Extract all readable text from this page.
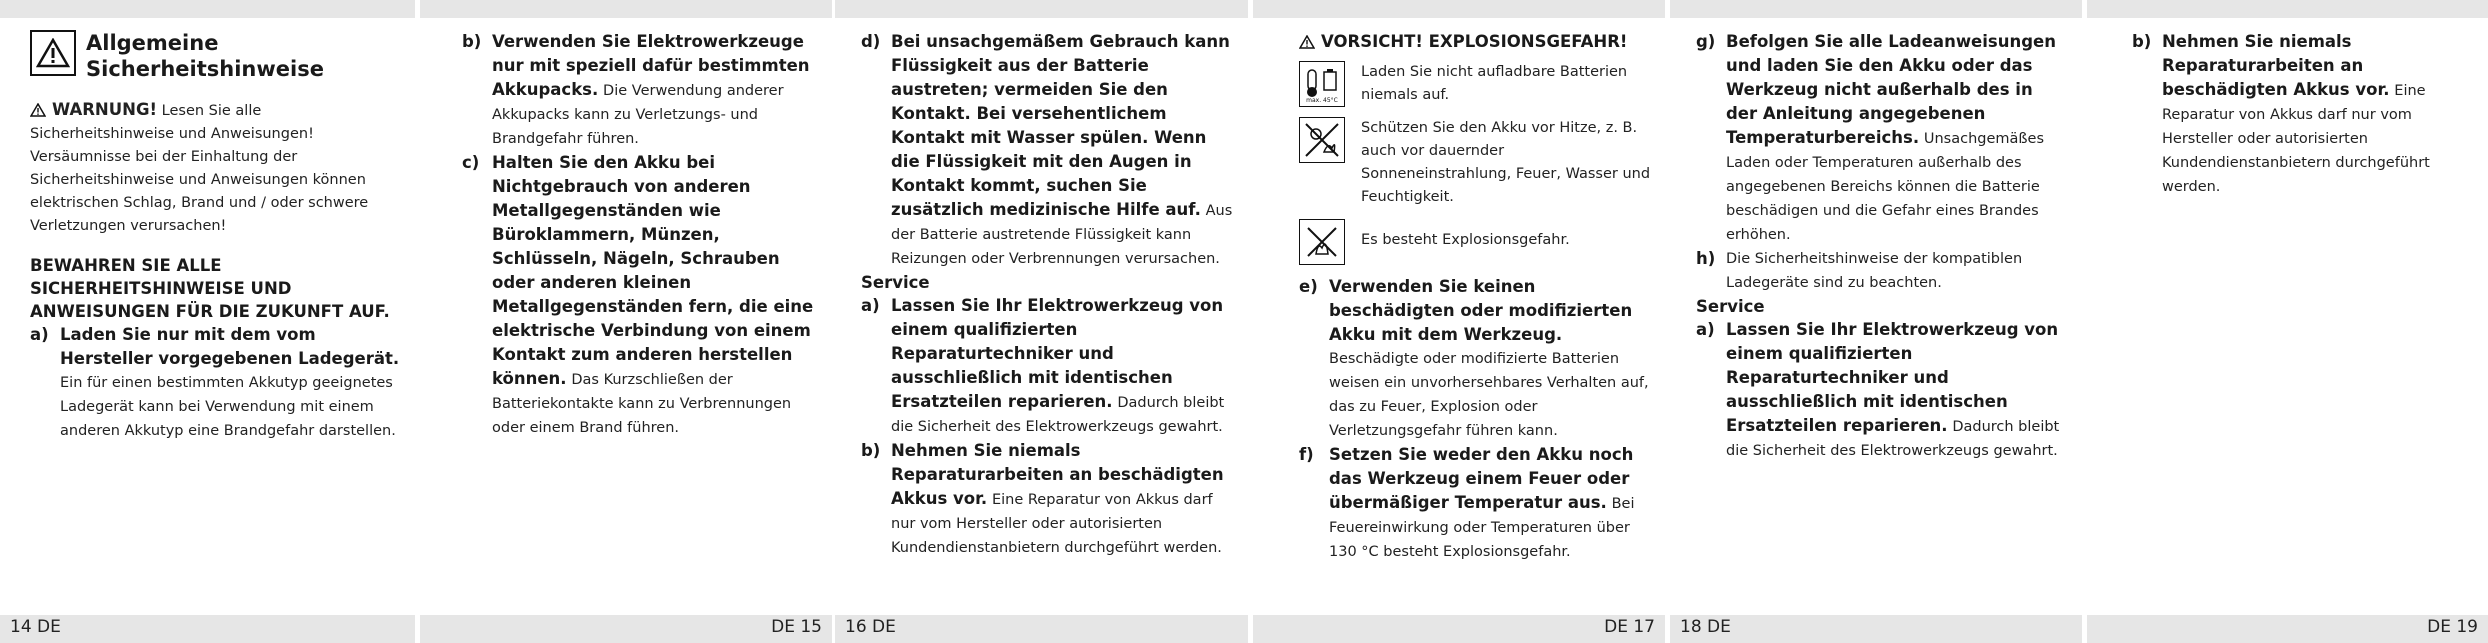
Allgemeine
Sicherheitshinweise

WARNUNG! Lesen Sie alle Sicherheitshinweise und Anweisungen! Versäumnisse bei der Einhaltung der Sicherheitshinweise und Anweisungen können elektrischen Schlag, Brand und / oder schwere Verletzungen verursachen!

BEWAHREN SIE ALLE SICHERHEITSHINWEISE UND ANWEISUNGEN FÜR DIE ZUKUNFT AUF.

a) Laden Sie nur mit dem vom Hersteller vorgegebenen Ladegerät. Ein für einen bestimmten Akkutyp geeignetes Ladegerät kann bei Verwendung mit einem anderen Akkutyp eine Brandgefahr darstellen.
14 DE
b) Verwenden Sie Elektrowerkzeuge nur mit speziell dafür bestimmten Akkupacks. Die Verwendung anderer Akkupacks kann zu Verletzungs- und Brandgefahr führen.
c) Halten Sie den Akku bei Nichtgebrauch von anderen Metallgegenständen wie Büroklammern, Münzen, Schlüsseln, Nägeln, Schrauben oder anderen kleinen Metallgegenständen fern, die eine elektrische Verbindung von einem Kontakt zum anderen herstellen können. Das Kurzschließen der Batteriekontakte kann zu Verbrennungen oder einem Brand führen.
DE 15
d) Bei unsachgemäßem Gebrauch kann Flüssigkeit aus der Batterie austreten; vermeiden Sie den Kontakt. Bei versehentlichem Kontakt mit Wasser spülen. Wenn die Flüssigkeit mit den Augen in Kontakt kommt, suchen Sie zusätzlich medizinische Hilfe auf. Aus der Batterie austretende Flüssigkeit kann Reizungen oder Verbrennungen verursachen.

Service

a) Lassen Sie Ihr Elektrowerkzeug von einem qualifizierten Reparaturtechniker und ausschließlich mit identischen Ersatzteilen reparieren. Dadurch bleibt die Sicherheit des Elektrowerkzeugs gewahrt.
b) Nehmen Sie niemals Reparaturarbeiten an beschädigten Akkus vor. Eine Reparatur von Akkus darf nur vom Hersteller oder autorisierten Kundendienstanbietern durchgeführt werden.
16 DE

VORSICHT! EXPLOSIONSGEFAHR!

max. 45°C
Laden Sie nicht aufladbare Batterien niemals auf.
Schützen Sie den Akku vor Hitze, z. B. auch vor dauernder Sonneneinstrahlung, Feuer, Wasser und Feuchtigkeit.
Es besteht Explosionsgefahr.
e) Verwenden Sie keinen beschädigten oder modifizierten Akku mit dem Werkzeug. Beschädigte oder modifizierte Batterien weisen ein unvorhersehbares Verhalten auf, das zu Feuer, Explosion oder Verletzungsgefahr führen kann.
f) Setzen Sie weder den Akku noch das Werkzeug einem Feuer oder übermäßiger Temperatur aus. Bei Feuereinwirkung oder Temperaturen über 130 °C besteht Explosionsgefahr.
DE 17
g) Befolgen Sie alle Ladeanweisungen und laden Sie den Akku oder das Werkzeug nicht außerhalb des in der Anleitung angegebenen Temperaturbereichs. Unsachgemäßes Laden oder Temperaturen außerhalb des angegebenen Bereichs können die Batterie beschädigen und die Gefahr eines Brandes erhöhen.
h) Die Sicherheitshinweise der kompatiblen Ladegeräte sind zu beachten.

Service

a) Lassen Sie Ihr Elektrowerkzeug von einem qualifizierten Reparaturtechniker und ausschließlich mit identischen Ersatzteilen reparieren. Dadurch bleibt die Sicherheit des Elektrowerkzeugs gewahrt.
18 DE
b) Nehmen Sie niemals Reparaturarbeiten an beschädigten Akkus vor. Eine Reparatur von Akkus darf nur vom Hersteller oder autorisierten Kundendienstanbietern durchgeführt werden.
DE 19
